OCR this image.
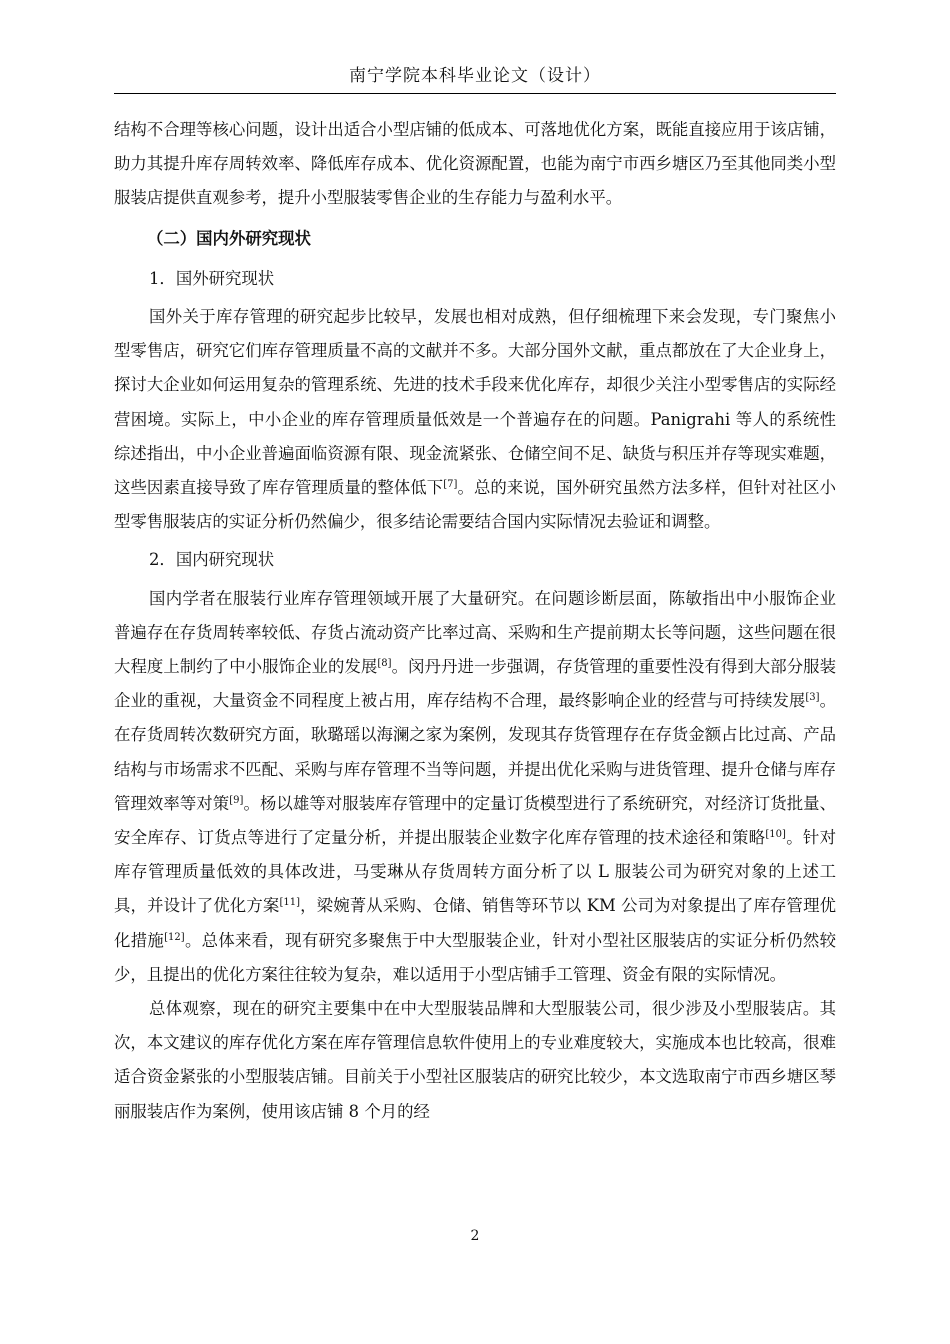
南宁学院本科毕业论文（设计）

结构不合理等核心问题，设计出适合小型店铺的低成本、可落地优化方案，既能直接应用于该店铺，助力其提升库存周转效率、降低库存成本、优化资源配置，也能为南宁市西乡塘区乃至其他同类小型服装店提供直观参考，提升小型服装零售企业的生存能力与盈利水平。

（二）国内外研究现状

1．国外研究现状

国外关于库存管理的研究起步比较早，发展也相对成熟，但仔细梳理下来会发现，专门聚焦小型零售店，研究它们库存管理质量不高的文献并不多。大部分国外文献，重点都放在了大企业身上，探讨大企业如何运用复杂的管理系统、先进的技术手段来优化库存，却很少关注小型零售店的实际经营困境。实际上，中小企业的库存管理质量低效是一个普遍存在的问题。Panigrahi 等人的系统性综述指出，中小企业普遍面临资源有限、现金流紧张、仓储空间不足、缺货与积压并存等现实难题，这些因素直接导致了库存管理质量的整体低下[7]。总的来说，国外研究虽然方法多样，但针对社区小型零售服装店的实证分析仍然偏少，很多结论需要结合国内实际情况去验证和调整。

2．国内研究现状

国内学者在服装行业库存管理领域开展了大量研究。在问题诊断层面，陈敏指出中小服饰企业普遍存在存货周转率较低、存货占流动资产比率过高、采购和生产提前期太长等问题，这些问题在很大程度上制约了中小服饰企业的发展[8]。闵丹丹进一步强调，存货管理的重要性没有得到大部分服装企业的重视，大量资金不同程度上被占用，库存结构不合理，最终影响企业的经营与可持续发展[3]。在存货周转次数研究方面，耿璐瑶以海澜之家为案例，发现其存货管理存在存货金额占比过高、产品结构与市场需求不匹配、采购与库存管理不当等问题，并提出优化采购与进货管理、提升仓储与库存管理效率等对策[9]。杨以雄等对服装库存管理中的定量订货模型进行了系统研究，对经济订货批量、安全库存、订货点等进行了定量分析，并提出服装企业数字化库存管理的技术途径和策略[10]。针对库存管理质量低效的具体改进，马雯琳从存货周转方面分析了以 L 服装公司为研究对象的上述工具，并设计了优化方案[11]，梁婉菁从采购、仓储、销售等环节以 KM 公司为对象提出了库存管理优化措施[12]。总体来看，现有研究多聚焦于中大型服装企业，针对小型社区服装店的实证分析仍然较少，且提出的优化方案往往较为复杂，难以适用于小型店铺手工管理、资金有限的实际情况。

总体观察，现在的研究主要集中在中大型服装品牌和大型服装公司，很少涉及小型服装店。其次，本文建议的库存优化方案在库存管理信息软件使用上的专业难度较大，实施成本也比较高，很难适合资金紧张的小型服装店铺。目前关于小型社区服装店的研究比较少，本文选取南宁市西乡塘区琴丽服装店作为案例，使用该店铺 8 个月的经

2
